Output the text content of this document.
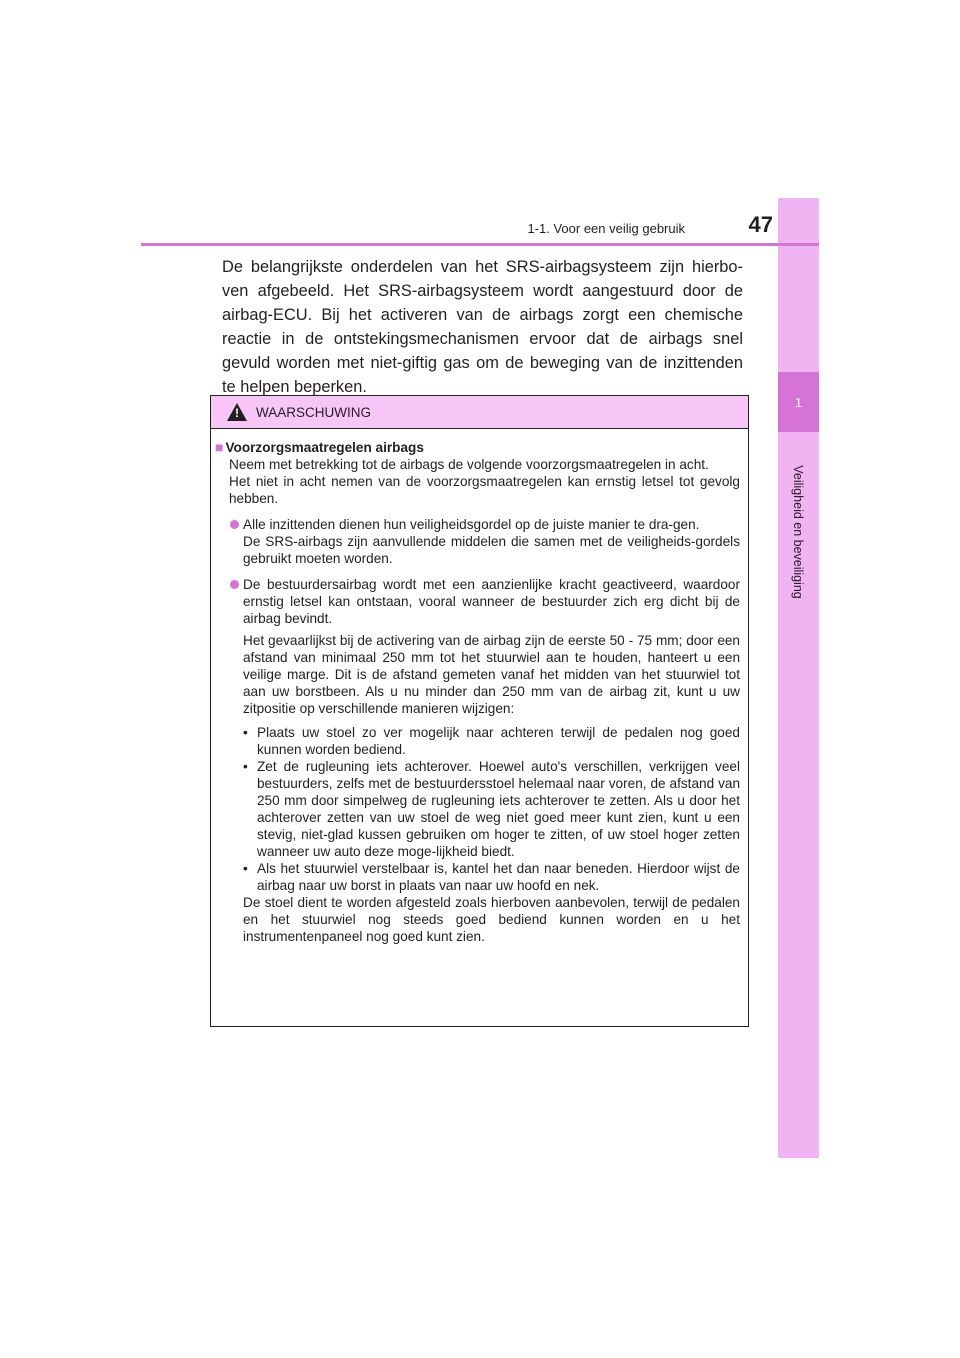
1
Veiligheid en beveiliging
1-1. Voor een veilig gebruik	47

De belangrijkste onderdelen van het SRS-airbagsysteem zijn hierbo-ven afgebeeld. Het SRS-airbagsysteem wordt aangestuurd door de airbag-ECU. Bij het activeren van de airbags zorgt een chemische reactie in de ontstekingsmechanismen ervoor dat de airbags snel gevuld worden met niet-giftig gas om de beweging van de inzittenden te helpen beperken.

!
WAARSCHUWING

■ Voorzorgsmaatregelen airbags

Neem met betrekking tot de airbags de volgende voorzorgsmaatregelen in acht.

Het niet in acht nemen van de voorzorgsmaatregelen kan ernstig letsel tot gevolg hebben.

Alle inzittenden dienen hun veiligheidsgordel op de juiste manier te dra-gen.

De SRS-airbags zijn aanvullende middelen die samen met de veiligheids-gordels gebruikt moeten worden.

De bestuurdersairbag wordt met een aanzienlijke kracht geactiveerd, waardoor ernstig letsel kan ontstaan, vooral wanneer de bestuurder zich erg dicht bij de airbag bevindt.

Het gevaarlijkst bij de activering van de airbag zijn de eerste 50 - 75 mm; door een afstand van minimaal 250 mm tot het stuurwiel aan te houden, hanteert u een veilige marge. Dit is de afstand gemeten vanaf het midden van het stuurwiel tot aan uw borstbeen. Als u nu minder dan 250 mm van de airbag zit, kunt u uw zitpositie op verschillende manieren wijzigen:

• Plaats uw stoel zo ver mogelijk naar achteren terwijl de pedalen nog goed kunnen worden bediend.

• Zet de rugleuning iets achterover. Hoewel auto's verschillen, verkrijgen veel bestuurders, zelfs met de bestuurdersstoel helemaal naar voren, de afstand van 250 mm door simpelweg de rugleuning iets achterover te zetten. Als u door het achterover zetten van uw stoel de weg niet goed meer kunt zien, kunt u een stevig, niet-glad kussen gebruiken om hoger te zitten, of uw stoel hoger zetten wanneer uw auto deze moge-lijkheid biedt.

• Als het stuurwiel verstelbaar is, kantel het dan naar beneden. Hierdoor wijst de airbag naar uw borst in plaats van naar uw hoofd en nek.

De stoel dient te worden afgesteld zoals hierboven aanbevolen, terwijl de pedalen en het stuurwiel nog steeds goed bediend kunnen worden en u het instrumentenpaneel nog goed kunt zien.
